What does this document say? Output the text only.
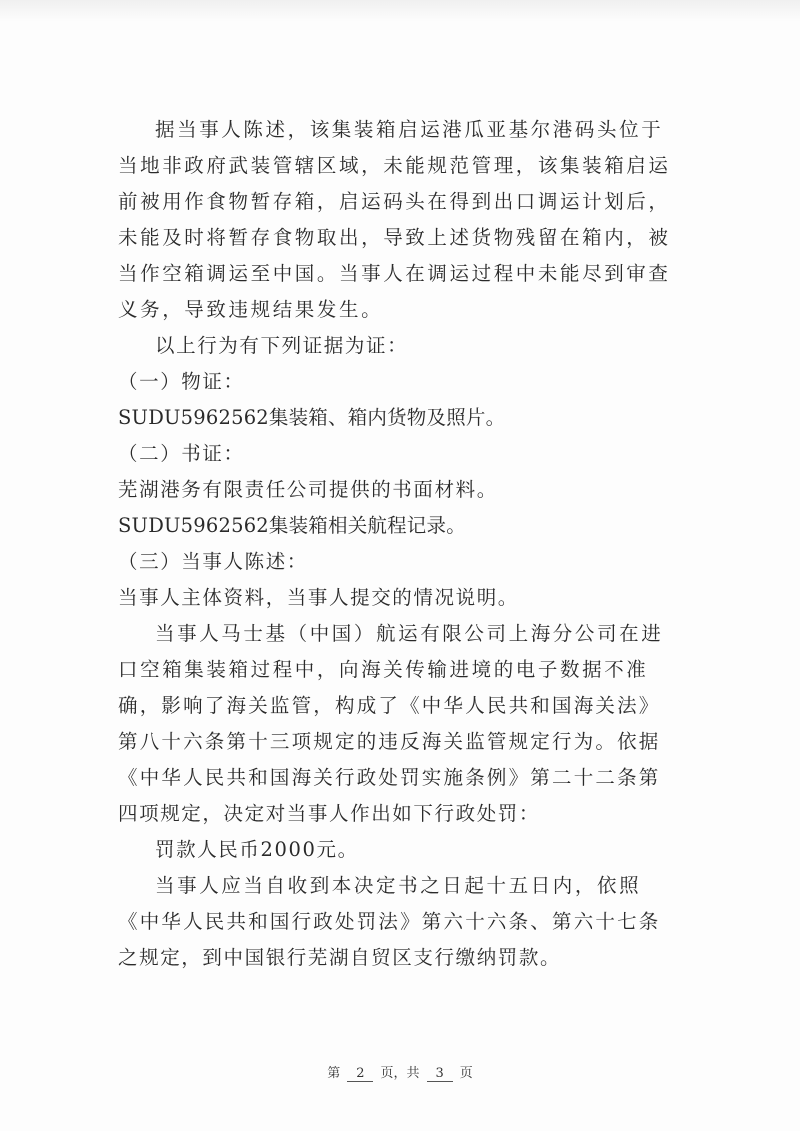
据当事人陈述，该集装箱启运港瓜亚基尔港码头位于
当地非政府武装管辖区域，未能规范管理，该集装箱启运
前被用作食物暂存箱，启运码头在得到出口调运计划后，
未能及时将暂存食物取出，导致上述货物残留在箱内，被
当作空箱调运至中国。当事人在调运过程中未能尽到审查
义务，导致违规结果发生。
以上行为有下列证据为证：
（一）物证：
SUDU5962562集装箱、箱内货物及照片。
（二）书证：
芜湖港务有限责任公司提供的书面材料。
SUDU5962562集装箱相关航程记录。
（三）当事人陈述：
当事人主体资料，当事人提交的情况说明。
当事人马士基（中国）航运有限公司上海分公司在进
口空箱集装箱过程中，向海关传输进境的电子数据不准
确，影响了海关监管，构成了《中华人民共和国海关法》
第八十六条第十三项规定的违反海关监管规定行为。依据
《中华人民共和国海关行政处罚实施条例》第二十二条第
四项规定，决定对当事人作出如下行政处罚：
罚款人民币2000元。
当事人应当自收到本决定书之日起十五日内，依照
《中华人民共和国行政处罚法》第六十六条、第六十七条
之规定，到中国银行芜湖自贸区支行缴纳罚款。
第 2 页，共 3 页
